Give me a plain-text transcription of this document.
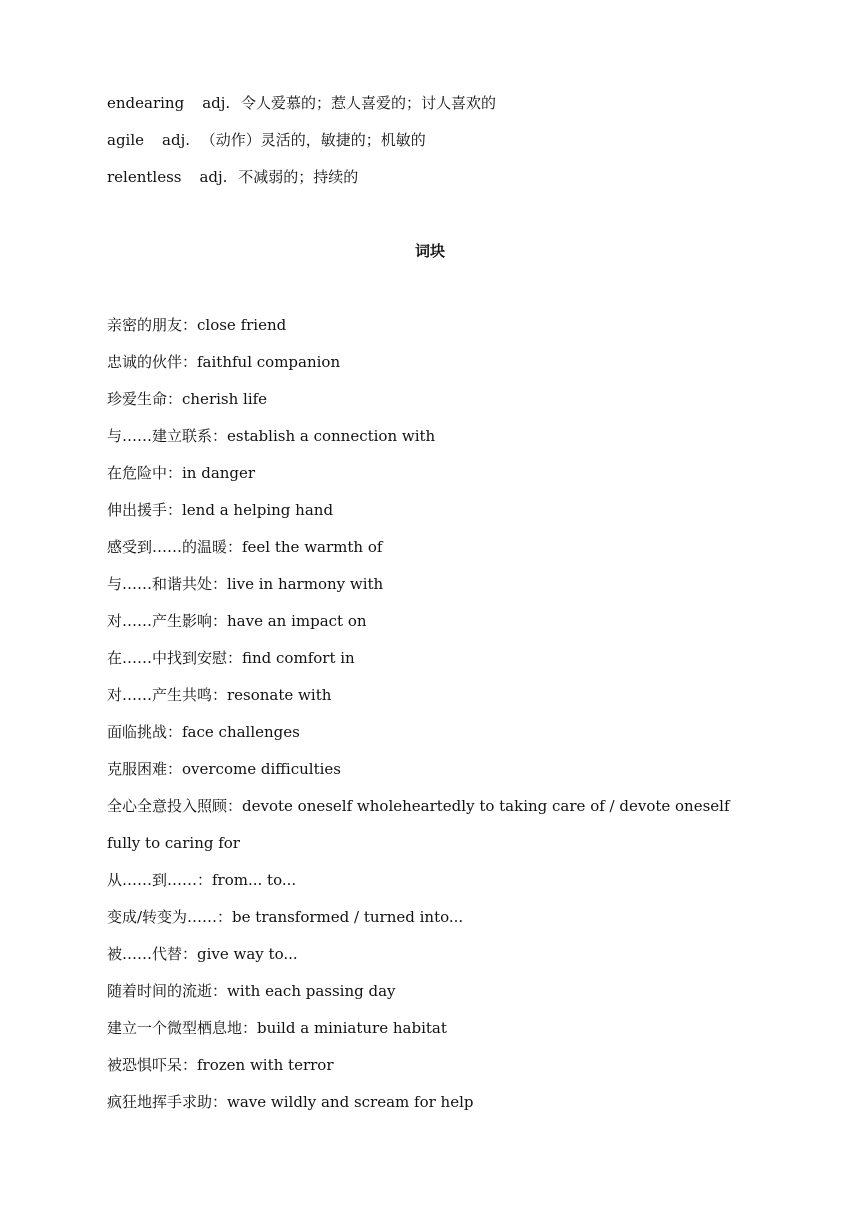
endearing adj. 令人爱慕的；惹人喜爱的；讨人喜欢的
agile adj. （动作）灵活的，敏捷的；机敏的
relentless adj. 不减弱的；持续的
词块
亲密的朋友：close friend
忠诚的伙伴：faithful companion
珍爱生命：cherish life
与……建立联系：establish a connection with
在危险中：in danger
伸出援手：lend a helping hand
感受到……的温暖：feel the warmth of
与……和谐共处：live in harmony with
对……产生影响：have an impact on
在……中找到安慰：find comfort in
对……产生共鸣：resonate with
面临挑战：face challenges
克服困难：overcome difficulties
全心全意投入照顾：devote oneself wholeheartedly to taking care of / devote oneself fully to caring for
从……到……：from... to...
变成/转变为……：be transformed / turned into...
被……代替：give way to...
随着时间的流逝：with each passing day
建立一个微型栖息地：build a miniature habitat
被恐惧吓呆：frozen with terror
疯狂地挥手求助：wave wildly and scream for help
